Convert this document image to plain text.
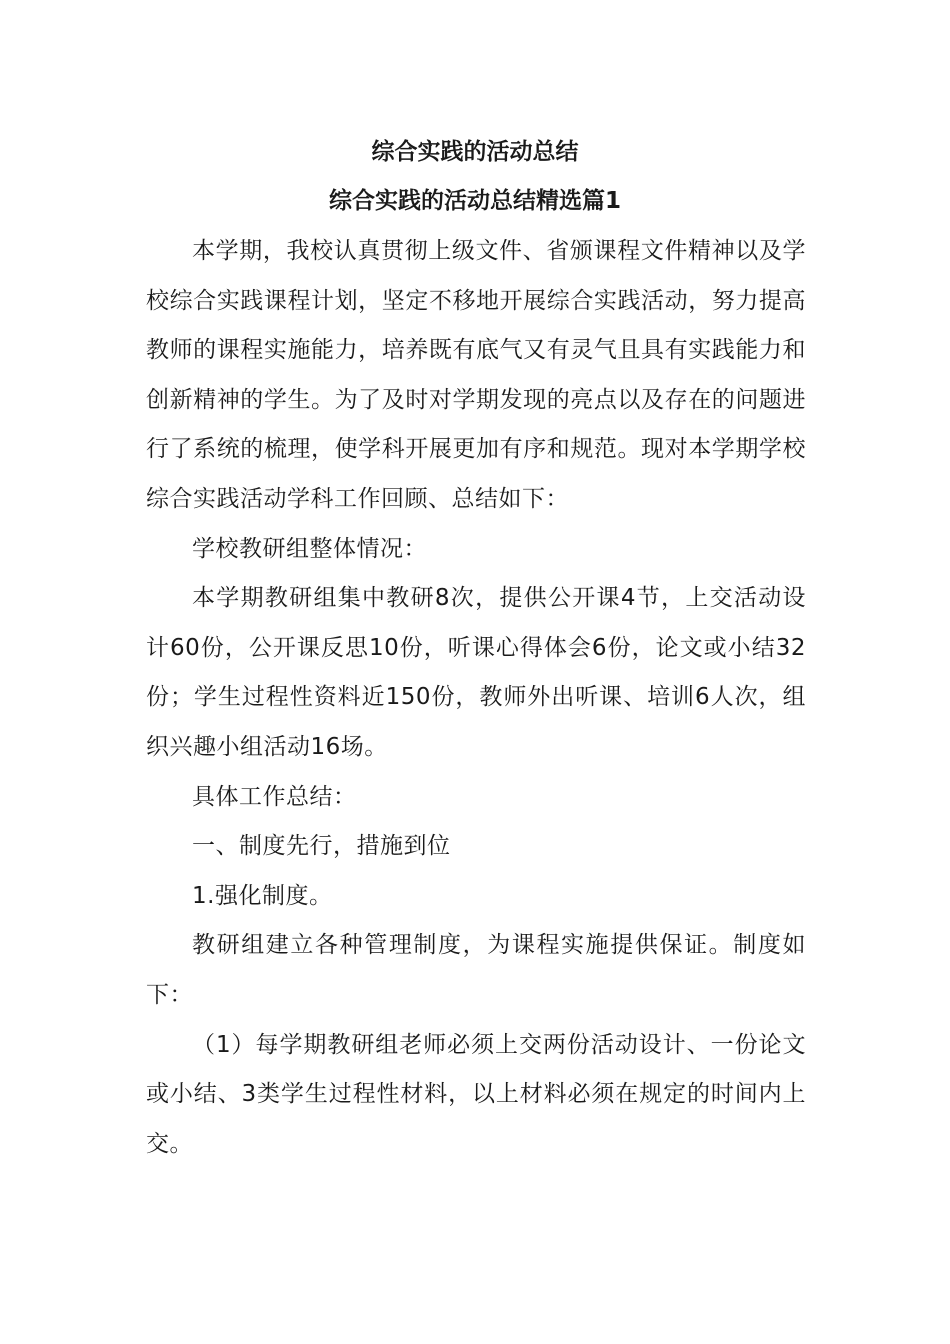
综合实践的活动总结
综合实践的活动总结精选篇1

本学期，我校认真贯彻上级文件、省颁课程文件精神以及学校综合实践课程计划，坚定不移地开展综合实践活动，努力提高教师的课程实施能力，培养既有底气又有灵气且具有实践能力和创新精神的学生。为了及时对学期发现的亮点以及存在的问题进行了系统的梳理，使学科开展更加有序和规范。现对本学期学校综合实践活动学科工作回顾、总结如下：

学校教研组整体情况：

本学期教研组集中教研8次，提供公开课4节，上交活动设计60份，公开课反思10份，听课心得体会6份，论文或小结32份；学生过程性资料近150份，教师外出听课、培训6人次，组织兴趣小组活动16场。

具体工作总结：

一、制度先行，措施到位

1.强化制度。

教研组建立各种管理制度，为课程实施提供保证。制度如下：

（1）每学期教研组老师必须上交两份活动设计、一份论文或小结、3类学生过程性材料，以上材料必须在规定的时间内上交。
